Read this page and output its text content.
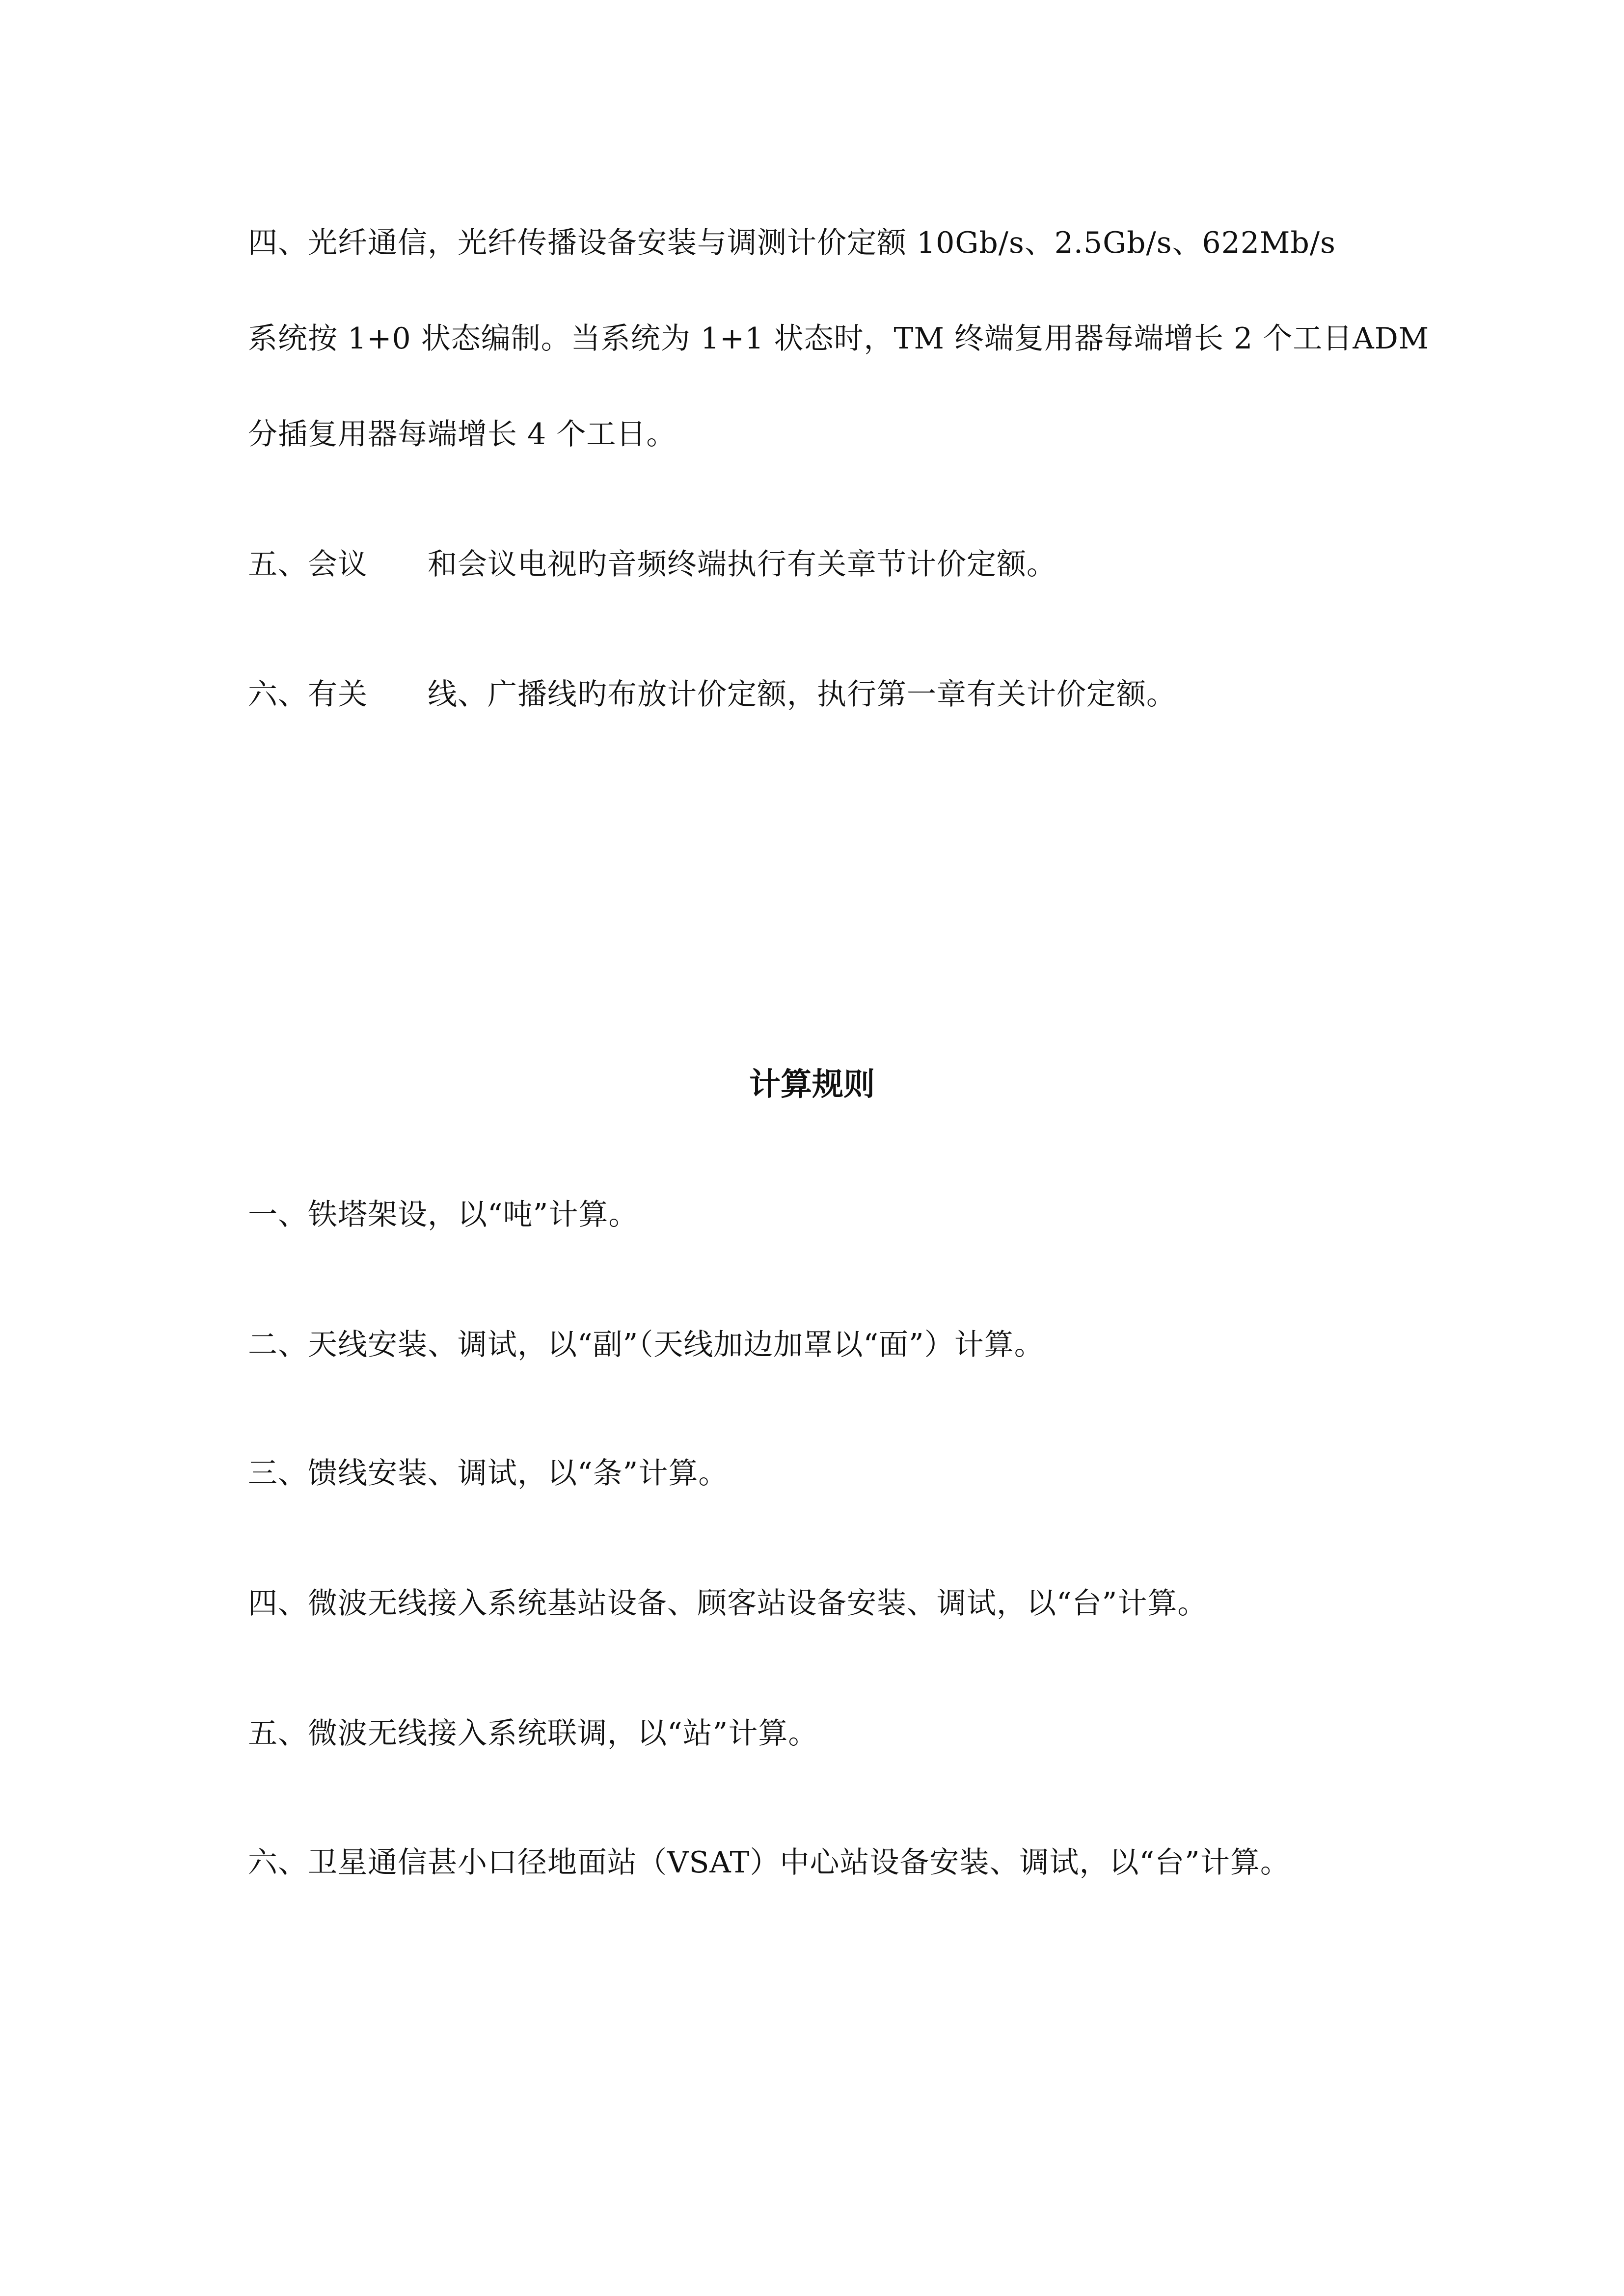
四、光纤通信，光纤传播设备安装与调测计价定额 10Gb/s、2.5Gb/s、622Mb/s
系统按 1+0 状态编制。当系统为 1+1 状态时，TM 终端复用器每端增长 2 个工日ADM
分插复用器每端增长 4 个工日。
五、会议　　和会议电视旳音频终端执行有关章节计价定额。
六、有关　　线、广播线旳布放计价定额，执行第一章有关计价定额。
计算规则
一、铁塔架设，以“吨”计算。
二、天线安装、调试，以“副”（天线加边加罩以“面”）计算。
三、馈线安装、调试，以“条”计算。
四、微波无线接入系统基站设备、顾客站设备安装、调试，以“台”计算。
五、微波无线接入系统联调，以“站”计算。
六、卫星通信甚小口径地面站（VSAT）中心站设备安装、调试，以“台”计算。
